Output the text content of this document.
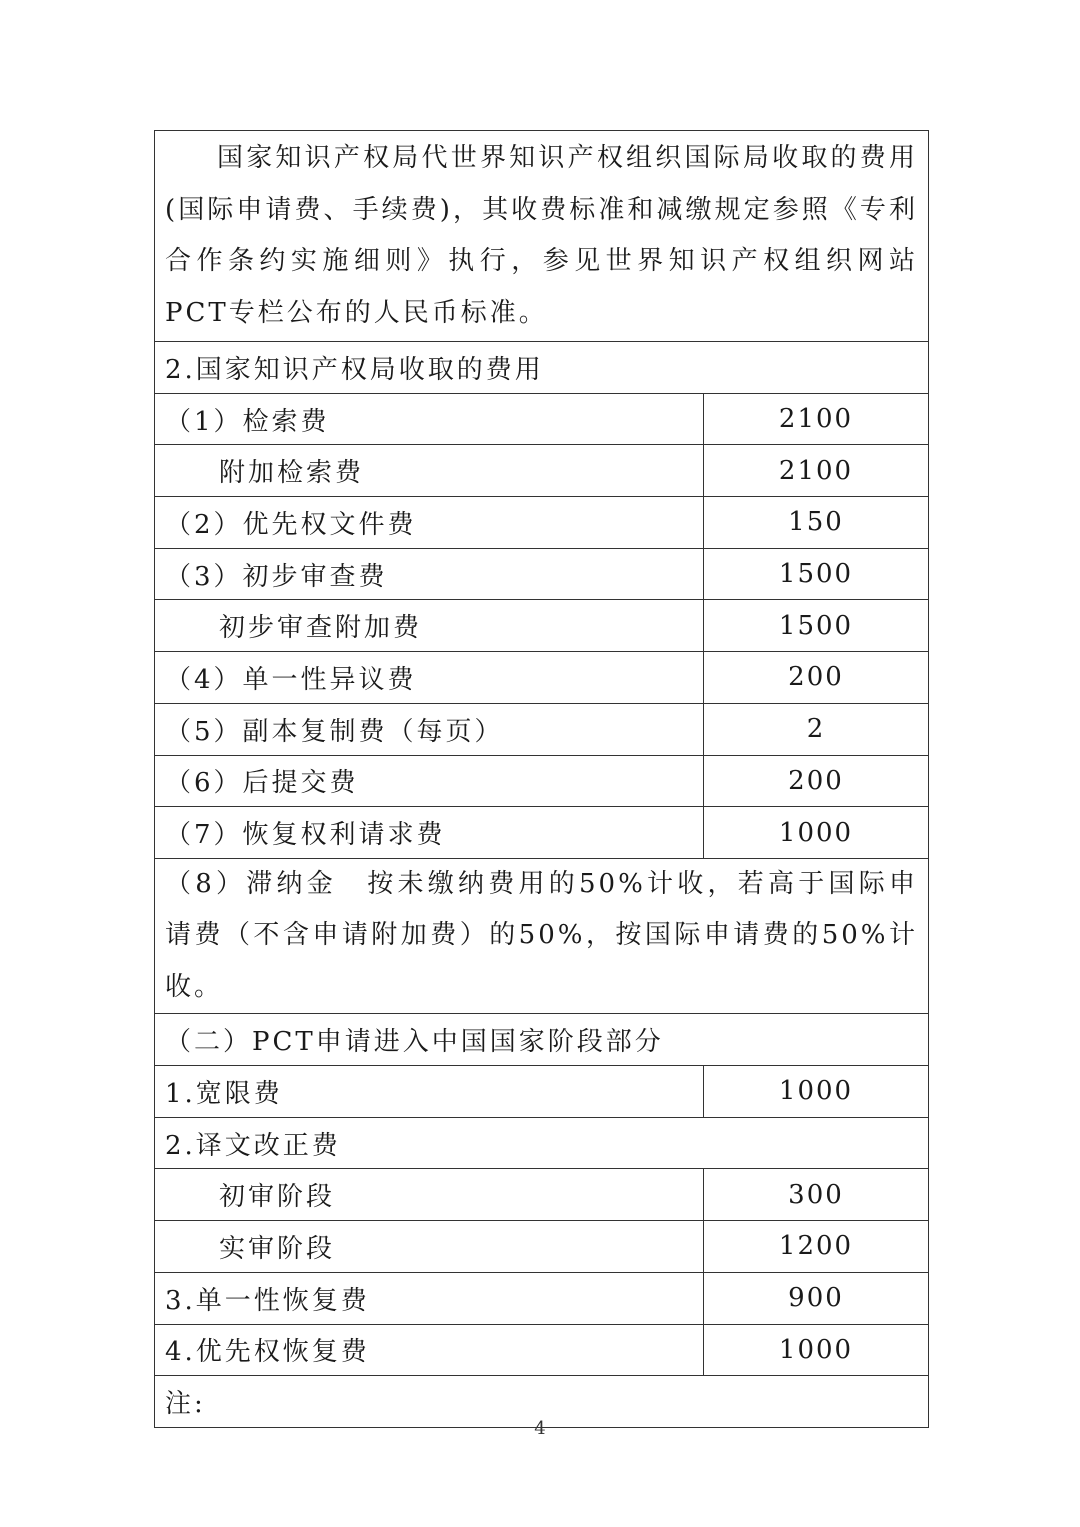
国家知识产权局代世界知识产权组织国际局收取的费用(国际申请费、手续费)，其收费标准和减缴规定参照《专利合作条约实施细则》执行，参见世界知识产权组织网站PCT专栏公布的人民币标准。	
2.国家知识产权局收取的费用	
（1）检索费	2100
附加检索费	2100
（2）优先权文件费	150
（3）初步审查费	1500
初步审查附加费	1500
（4）单一性异议费	200
（5）副本复制费（每页）	2
（6）后提交费	200
（7）恢复权利请求费	1000
（8）滞纳金　按未缴纳费用的50%计收，若高于国际申请费（不含申请附加费）的50%，按国际申请费的50%计收。	
（二）PCT申请进入中国国家阶段部分	
1.宽限费	1000
2.译文改正费	
初审阶段	300
实审阶段	1200
3.单一性恢复费	900
4.优先权恢复费	1000
注:	
4
